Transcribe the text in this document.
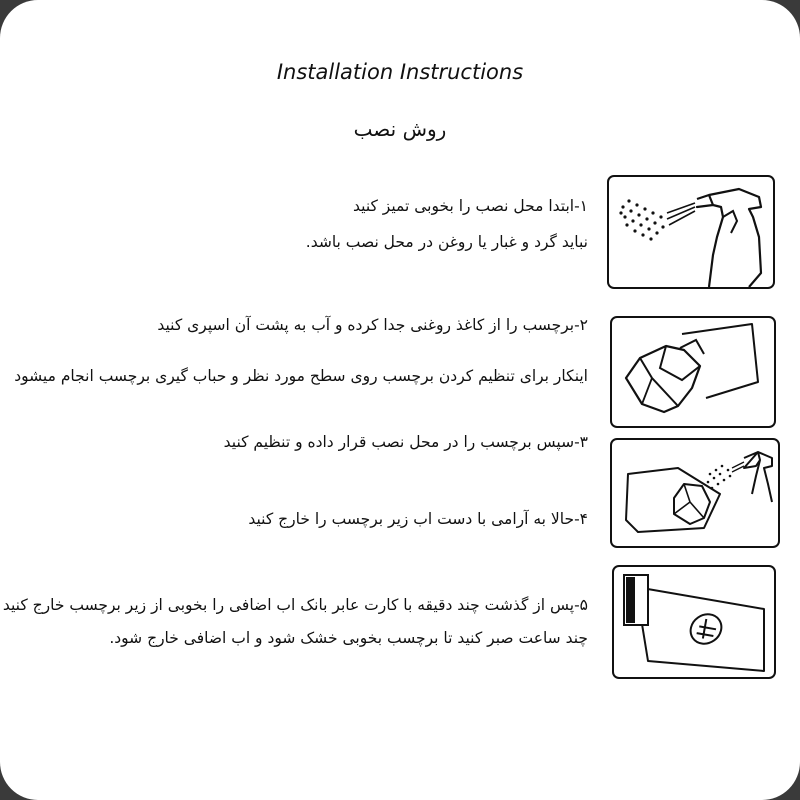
Installation Instructions
روش نصب
۱-ابتدا محل نصب را بخوبی تمیز کنید
نباید گرد و غبار یا روغن در محل نصب باشد.
۲-برچسب را از کاغذ روغنی جدا کرده و آب به پشت آن اسپری کنید
اینکار برای تنظیم کردن برچسب روی سطح مورد نظر و حباب گیری برچسب انجام میشود
۳-سپس برچسب را در محل نصب قرار داده و تنظیم کنید
۴-حالا به آرامی با دست اب زیر برچسب را خارج کنید
۵-پس از گذشت چند دقیقه با کارت عابر بانک اب اضافی را بخوبی از زیر برچسب خارج کنید
چند ساعت صبر کنید تا برچسب بخوبی خشک شود و اب اضافی خارج شود.
